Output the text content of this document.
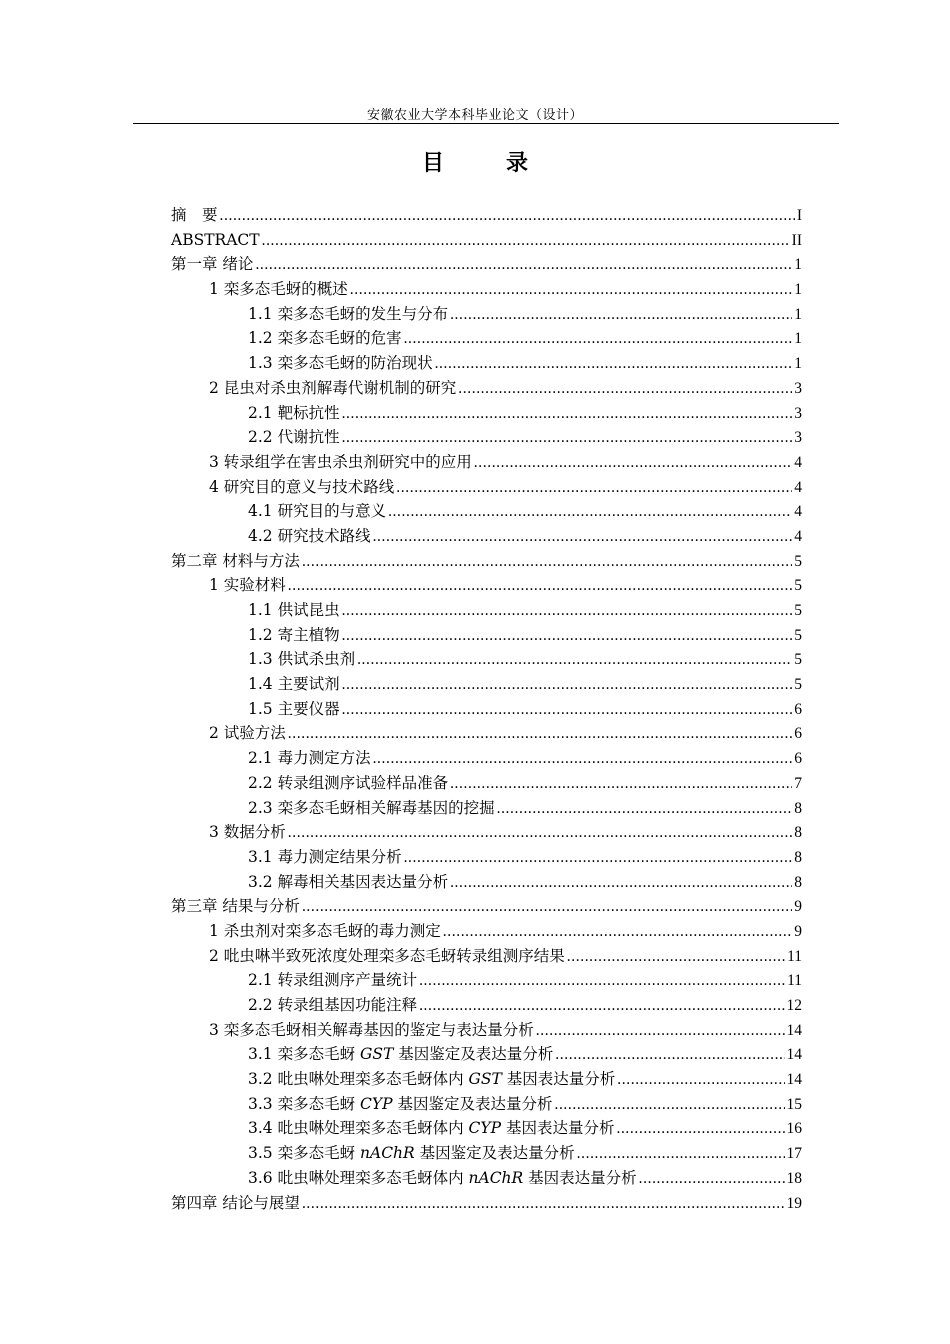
安徽农业大学本科毕业论文（设计）
目　录
摘　要 .....	I
ABSTRACT .....	II
第一章 绪论 .....	1
1 栾多态毛蚜的概述 .....	1
1.1 栾多态毛蚜的发生与分布 .....	1
1.2 栾多态毛蚜的危害 .....	1
1.3 栾多态毛蚜的防治现状 .....	1
2 昆虫对杀虫剂解毒代谢机制的研究 .....	3
2.1 靶标抗性 .....	3
2.2 代谢抗性 .....	3
3 转录组学在害虫杀虫剂研究中的应用 .....	4
4 研究目的意义与技术路线 .....	4
4.1 研究目的与意义 .....	4
4.2 研究技术路线 .....	4
第二章 材料与方法 .....	5
1 实验材料 .....	5
1.1 供试昆虫 .....	5
1.2 寄主植物 .....	5
1.3 供试杀虫剂 .....	5
1.4 主要试剂 .....	5
1.5 主要仪器 .....	6
2 试验方法 .....	6
2.1 毒力测定方法 .....	6
2.2 转录组测序试验样品准备 .....	7
2.3 栾多态毛蚜相关解毒基因的挖掘 .....	8
3 数据分析 .....	8
3.1 毒力测定结果分析 .....	8
3.2 解毒相关基因表达量分析 .....	8
第三章 结果与分析 .....	9
1 杀虫剂对栾多态毛蚜的毒力测定 .....	9
2 吡虫啉半致死浓度处理栾多态毛蚜转录组测序结果 .....	11
2.1 转录组测序产量统计 .....	11
2.2 转录组基因功能注释 .....	12
3 栾多态毛蚜相关解毒基因的鉴定与表达量分析 .....	14
3.1 栾多态毛蚜 GST 基因鉴定及表达量分析 .....	14
3.2 吡虫啉处理栾多态毛蚜体内 GST 基因表达量分析 .....	14
3.3 栾多态毛蚜 CYP 基因鉴定及表达量分析 .....	15
3.4 吡虫啉处理栾多态毛蚜体内 CYP 基因表达量分析 .....	16
3.5 栾多态毛蚜 nAChR 基因鉴定及表达量分析 .....	17
3.6 吡虫啉处理栾多态毛蚜体内 nAChR 基因表达量分析 .....	18
第四章 结论与展望 .....	19
